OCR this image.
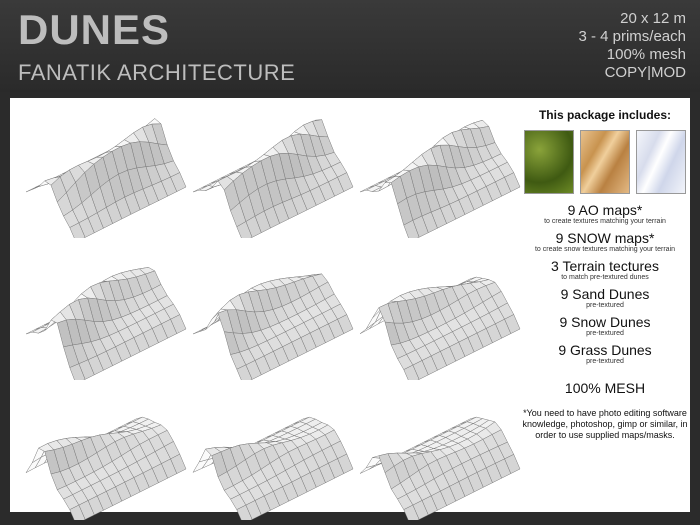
DUNES
FANATIK ARCHITECTURE
20 x 12 m
3 - 4 prims/each
100% mesh
COPY|MOD
This package includes:
9 AO maps*
to create textures matching your terrain
9 SNOW maps*
to create snow textures matching your terrain
3 Terrain tectures
to match pre-textured dunes
9 Sand Dunes
pre-textured
9 Snow Dunes
pre-textured
9 Grass Dunes
pre-textured
100% MESH
*You need to have photo editing software knowledge, photoshop, gimp or similar, in order to use supplied maps/masks.
